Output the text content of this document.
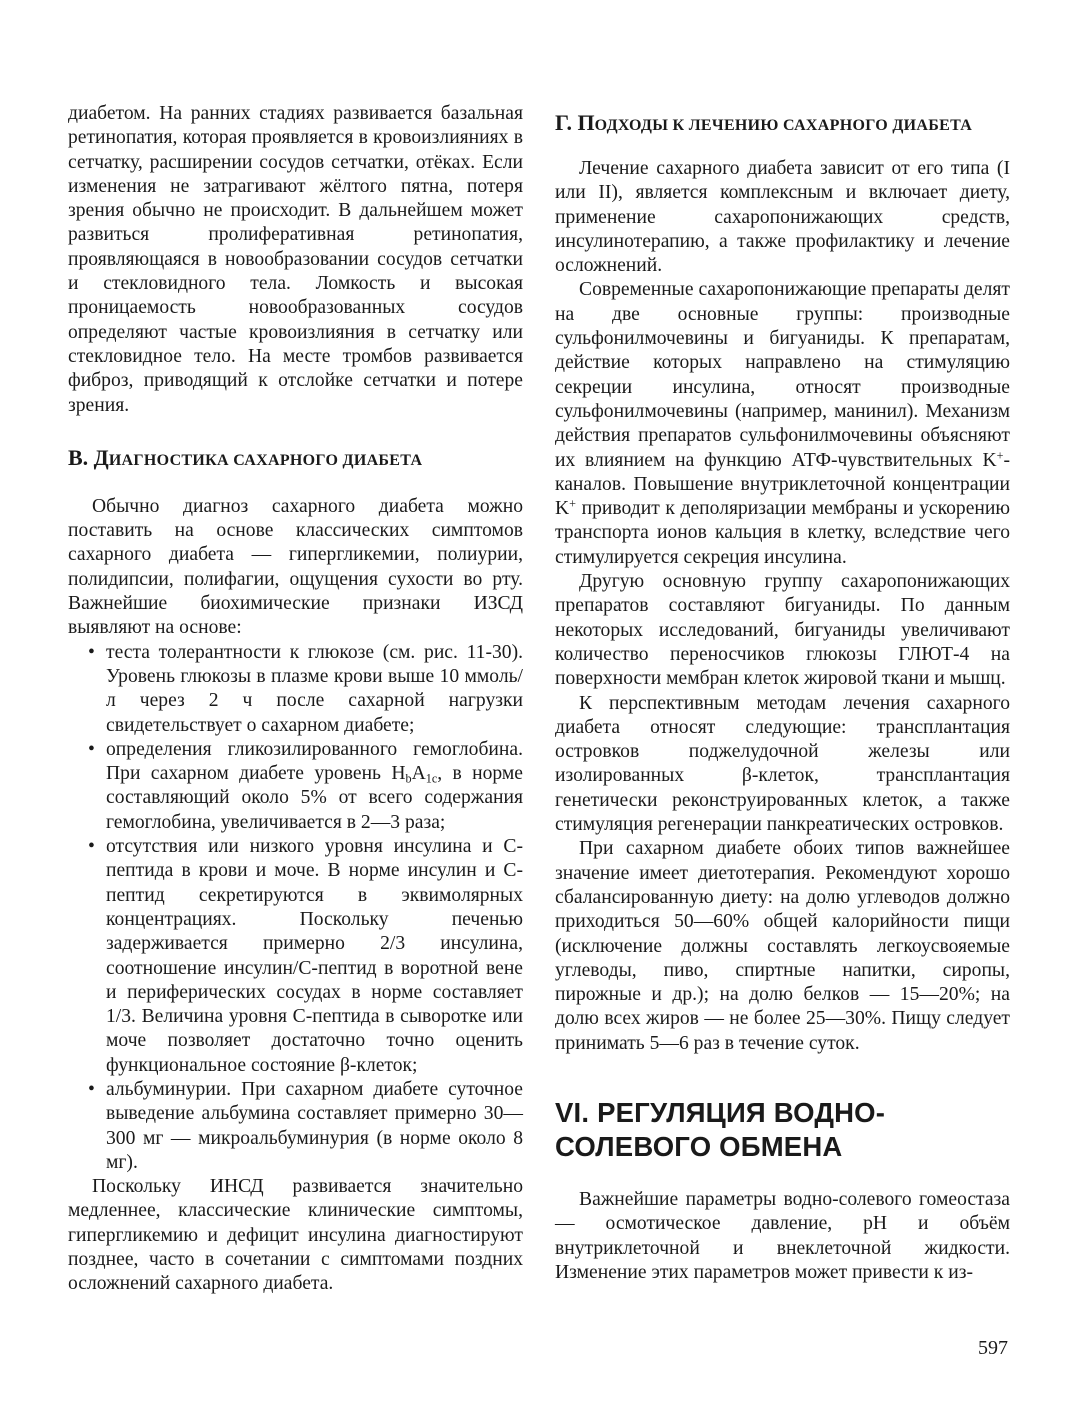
диабетом. На ранних стадиях развивается базальная ретинопатия, которая проявляется в кровоизлияниях в сетчатку, расширении сосудов сетчатки, отёках. Если изменения не затрагивают жёлтого пятна, потеря зрения обычно не происходит. В дальнейшем может развиться пролиферативная ретинопатия, проявляющаяся в новообразовании сосудов сетчатки и стекловидного тела. Ломкость и высокая проницаемость новообразованных сосудов определяют частые кровоизлияния в сетчатку или стекловидное тело. На месте тромбов развивается фиброз, приводящий к отслойке сетчатки и потере зрения.

В. ДИАГНОСТИКА САХАРНОГО ДИАБЕТА

Обычно диагноз сахарного диабета можно поставить на основе классических симптомов сахарного диабета — гипергликемии, полиурии, полидипсии, полифагии, ощущения сухости во рту. Важнейшие биохимические признаки ИЗСД выявляют на основе:

• теста толерантности к глюкозе (см. рис. 11-30). Уровень глюкозы в плазме крови выше 10 ммоль/л через 2 ч после сахарной нагрузки свидетельствует о сахарном диабете;
• определения гликозилированного гемоглобина. При сахарном диабете уровень $H_bA_{1c}$, в норме составляющий около 5% от всего содержания гемоглобина, увеличивается в 2—3 раза;
• отсутствия или низкого уровня инсулина и С-пептида в крови и моче. В норме инсулин и С-пептид секретируются в эквимолярных концентрациях. Поскольку печенью задерживается примерно 2/3 инсулина, соотношение инсулин/С-пептид в воротной вене и периферических сосудах в норме составляет 1/3. Величина уровня С-пептида в сыворотке или моче позволяет достаточно точно оценить функциональное состояние β-клеток;
• альбуминурии. При сахарном диабете суточное выведение альбумина составляет примерно 30—300 мг — микроальбуминурия (в норме около 8 мг).

Поскольку ИНСД развивается значительно медленнее, классические клинические симптомы, гипергликемию и дефицит инсулина диагностируют позднее, часто в сочетании с симптомами поздних осложнений сахарного диабета.

Г. ПОДХОДЫ К ЛЕЧЕНИЮ САХАРНОГО ДИАБЕТА

Лечение сахарного диабета зависит от его типа (I или II), является комплексным и включает диету, применение сахаропонижающих средств, инсулинотерапию, а также профилактику и лечение осложнений.

Современные сахаропонижающие препараты делят на две основные группы: производные сульфонилмочевины и бигуаниды. К препаратам, действие которых направлено на стимуляцию секреции инсулина, относят производные сульфонилмочевины (например, манинил). Механизм действия препаратов сульфонилмочевины объясняют их влиянием на функцию АТФ-чувствительных K+-каналов. Повышение внутриклеточной концентрации K+ приводит к деполяризации мембраны и ускорению транспорта ионов кальция в клетку, вследствие чего стимулируется секреция инсулина.

Другую основную группу сахаропонижающих препаратов составляют бигуаниды. По данным некоторых исследований, бигуаниды увеличивают количество переносчиков глюкозы ГЛЮТ-4 на поверхности мембран клеток жировой ткани и мышц.

К перспективным методам лечения сахарного диабета относят следующие: трансплантация островков поджелудочной железы или изолированных β-клеток, трансплантация генетически реконструированных клеток, а также стимуляция регенерации панкреатических островков.

При сахарном диабете обоих типов важнейшее значение имеет диетотерапия. Рекомендуют хорошо сбалансированную диету: на долю углеводов должно приходиться 50—60% общей калорийности пищи (исключение должны составлять легкоусвояемые углеводы, пиво, спиртные напитки, сиропы, пирожные и др.); на долю белков — 15—20%; на долю всех жиров — не более 25—30%. Пищу следует принимать 5—6 раз в течение суток.

VI. РЕГУЛЯЦИЯ ВОДНО-
СОЛЕВОГО ОБМЕНА

Важнейшие параметры водно-солевого гомеостаза — осмотическое давление, pH и объём внутриклеточной и внеклеточной жидкости. Изменение этих параметров может привести к из-

597
